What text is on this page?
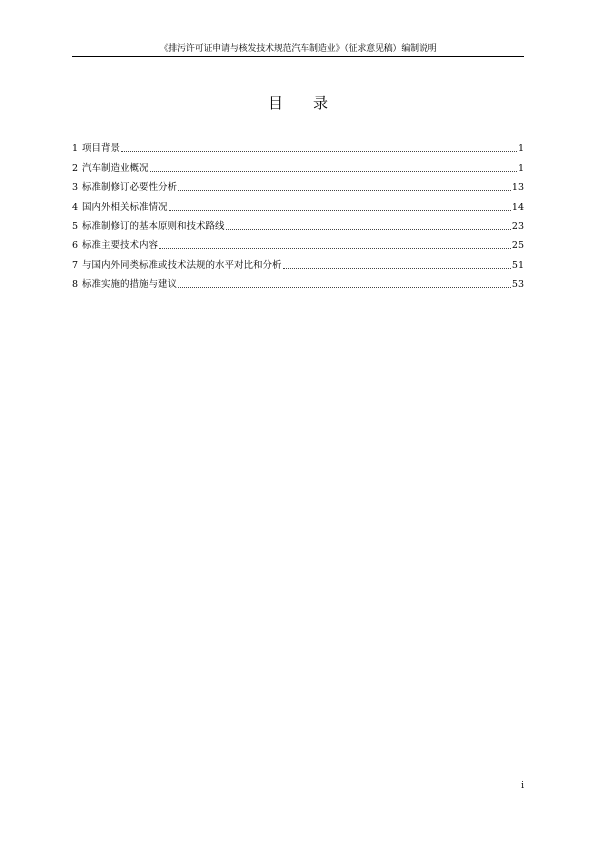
《排污许可证申请与核发技术规范汽车制造业》（征求意见稿）编制说明
目 录
1 项目背景	1
2 汽车制造业概况	1
3 标准制修订必要性分析	13
4 国内外相关标准情况	14
5 标准制修订的基本原则和技术路线	23
6 标准主要技术内容	25
7 与国内外同类标准或技术法规的水平对比和分析	51
8 标准实施的措施与建议	53
i
